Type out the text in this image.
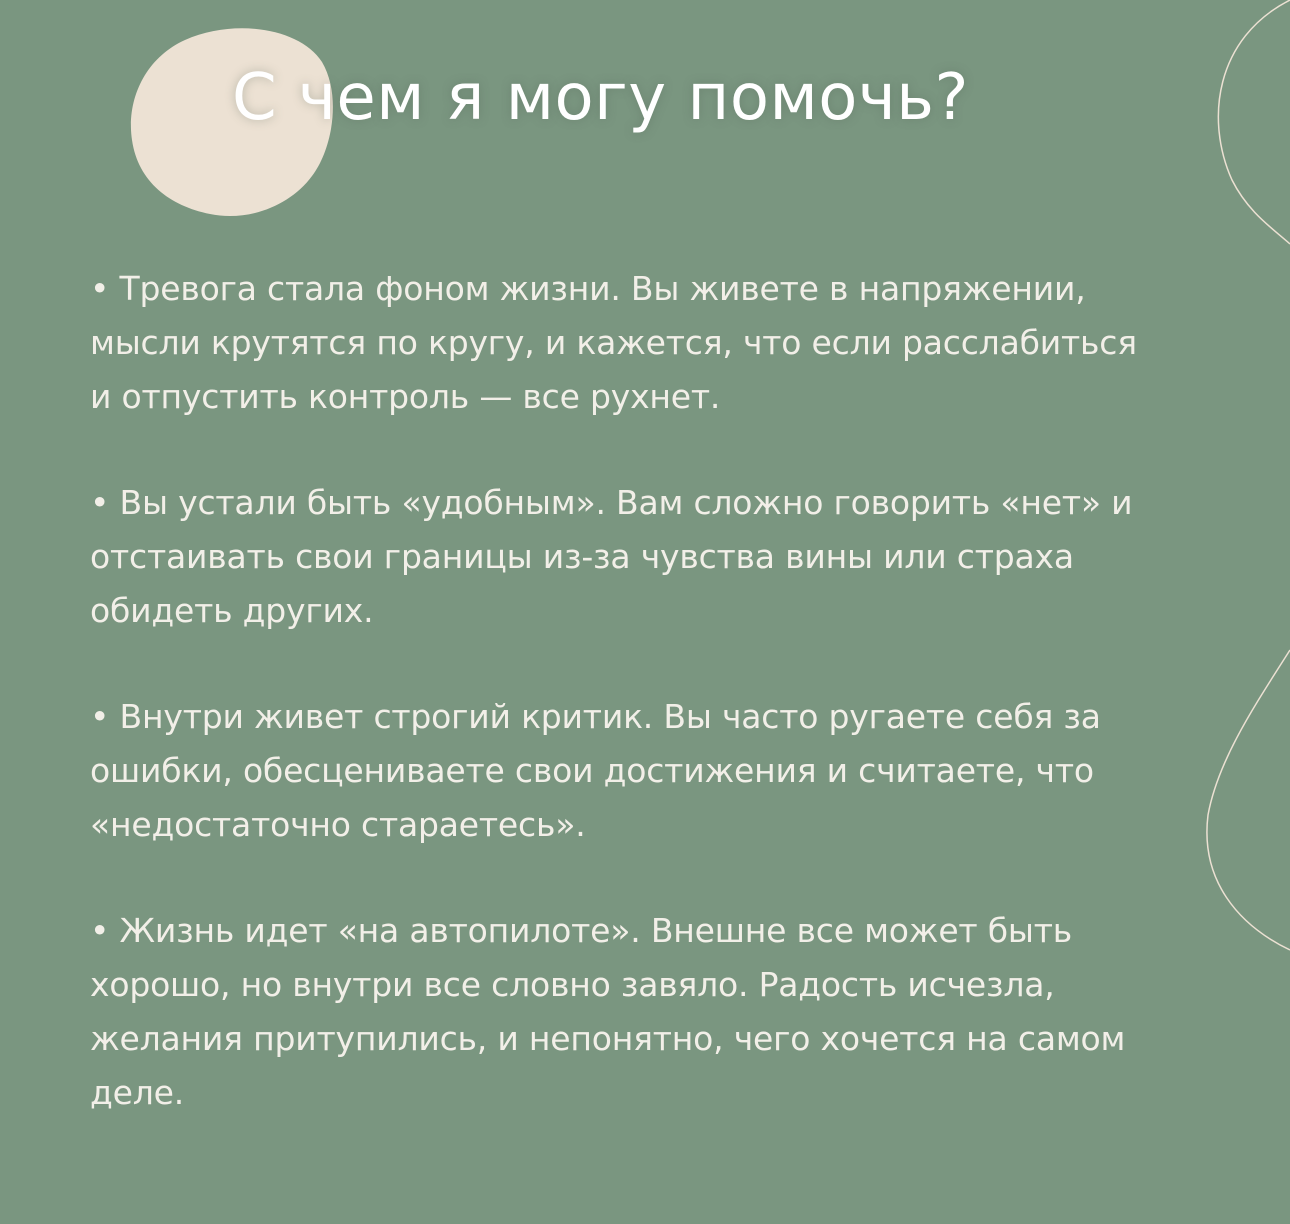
С чем я могу помочь?
• Тревога стала фоном жизни. Вы живете в напряжении,
мысли крутятся по кругу, и кажется, что если расслабиться
и отпустить контроль — все рухнет.
• Вы устали быть «удобным». Вам сложно говорить «нет» и
отстаивать свои границы из-за чувства вины или страха
обидеть других.
• Внутри живет строгий критик. Вы часто ругаете себя за
ошибки, обесцениваете свои достижения и считаете, что
«недостаточно стараетесь».
• Жизнь идет «на автопилоте». Внешне все может быть
хорошо, но внутри все словно завяло. Радость исчезла,
желания притупились, и непонятно, чего хочется на самом
деле.
